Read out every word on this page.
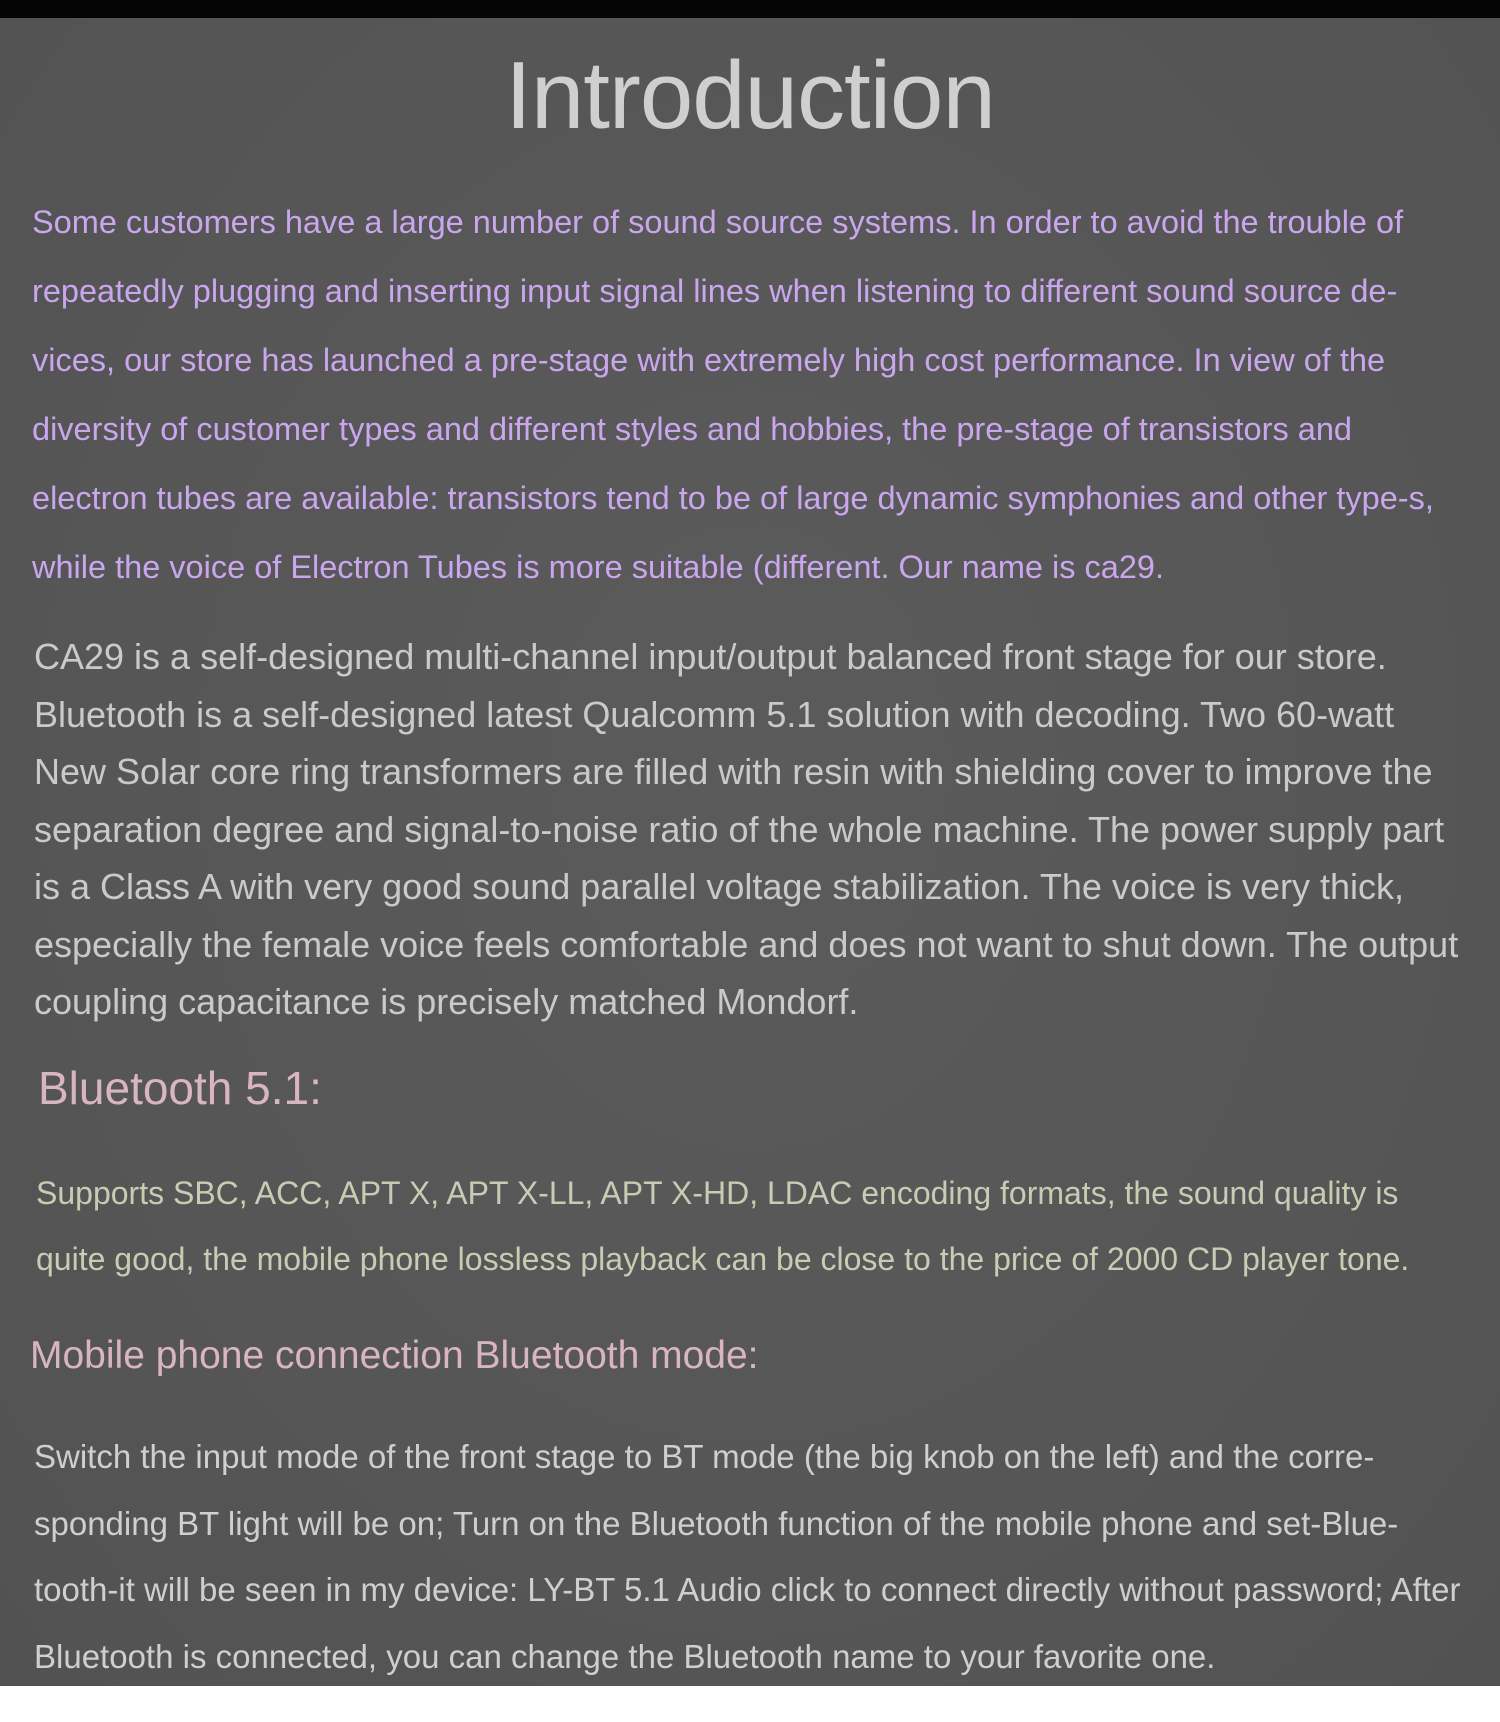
Introduction

Some customers have a large number of sound source systems. In order to avoid the trouble of repeatedly plugging and inserting input signal lines when listening to different sound source de-vices, our store has launched a pre-stage with extremely high cost performance. In view of the diversity of customer types and different styles and hobbies, the pre-stage of transistors and electron tubes are available: transistors tend to be of large dynamic symphonies and other type-s, while the voice of Electron Tubes is more suitable (different. Our name is ca29.

CA29 is a self-designed multi-channel input/output balanced front stage for our store. Bluetooth is a self-designed latest Qualcomm 5.1 solution with decoding. Two 60-watt New Solar core ring transformers are filled with resin with shielding cover to improve the separation degree and signal-to-noise ratio of the whole machine. The power supply part is a Class A with very good sound parallel voltage stabilization. The voice is very thick, especially the female voice feels comfortable and does not want to shut down. The output coupling capacitance is precisely matched Mondorf.

Bluetooth 5.1:

Supports SBC, ACC, APT X, APT X-LL, APT X-HD, LDAC encoding formats, the sound quality is quite good, the mobile phone lossless playback can be close to the price of 2000 CD player tone.

Mobile phone connection Bluetooth mode:

Switch the input mode of the front stage to BT mode (the big knob on the left) and the corre-sponding BT light will be on; Turn on the Bluetooth function of the mobile phone and set-Blue-tooth-it will be seen in my device: LY-BT 5.1 Audio click to connect directly without password; After Bluetooth is connected, you can change the Bluetooth name to your favorite one.
